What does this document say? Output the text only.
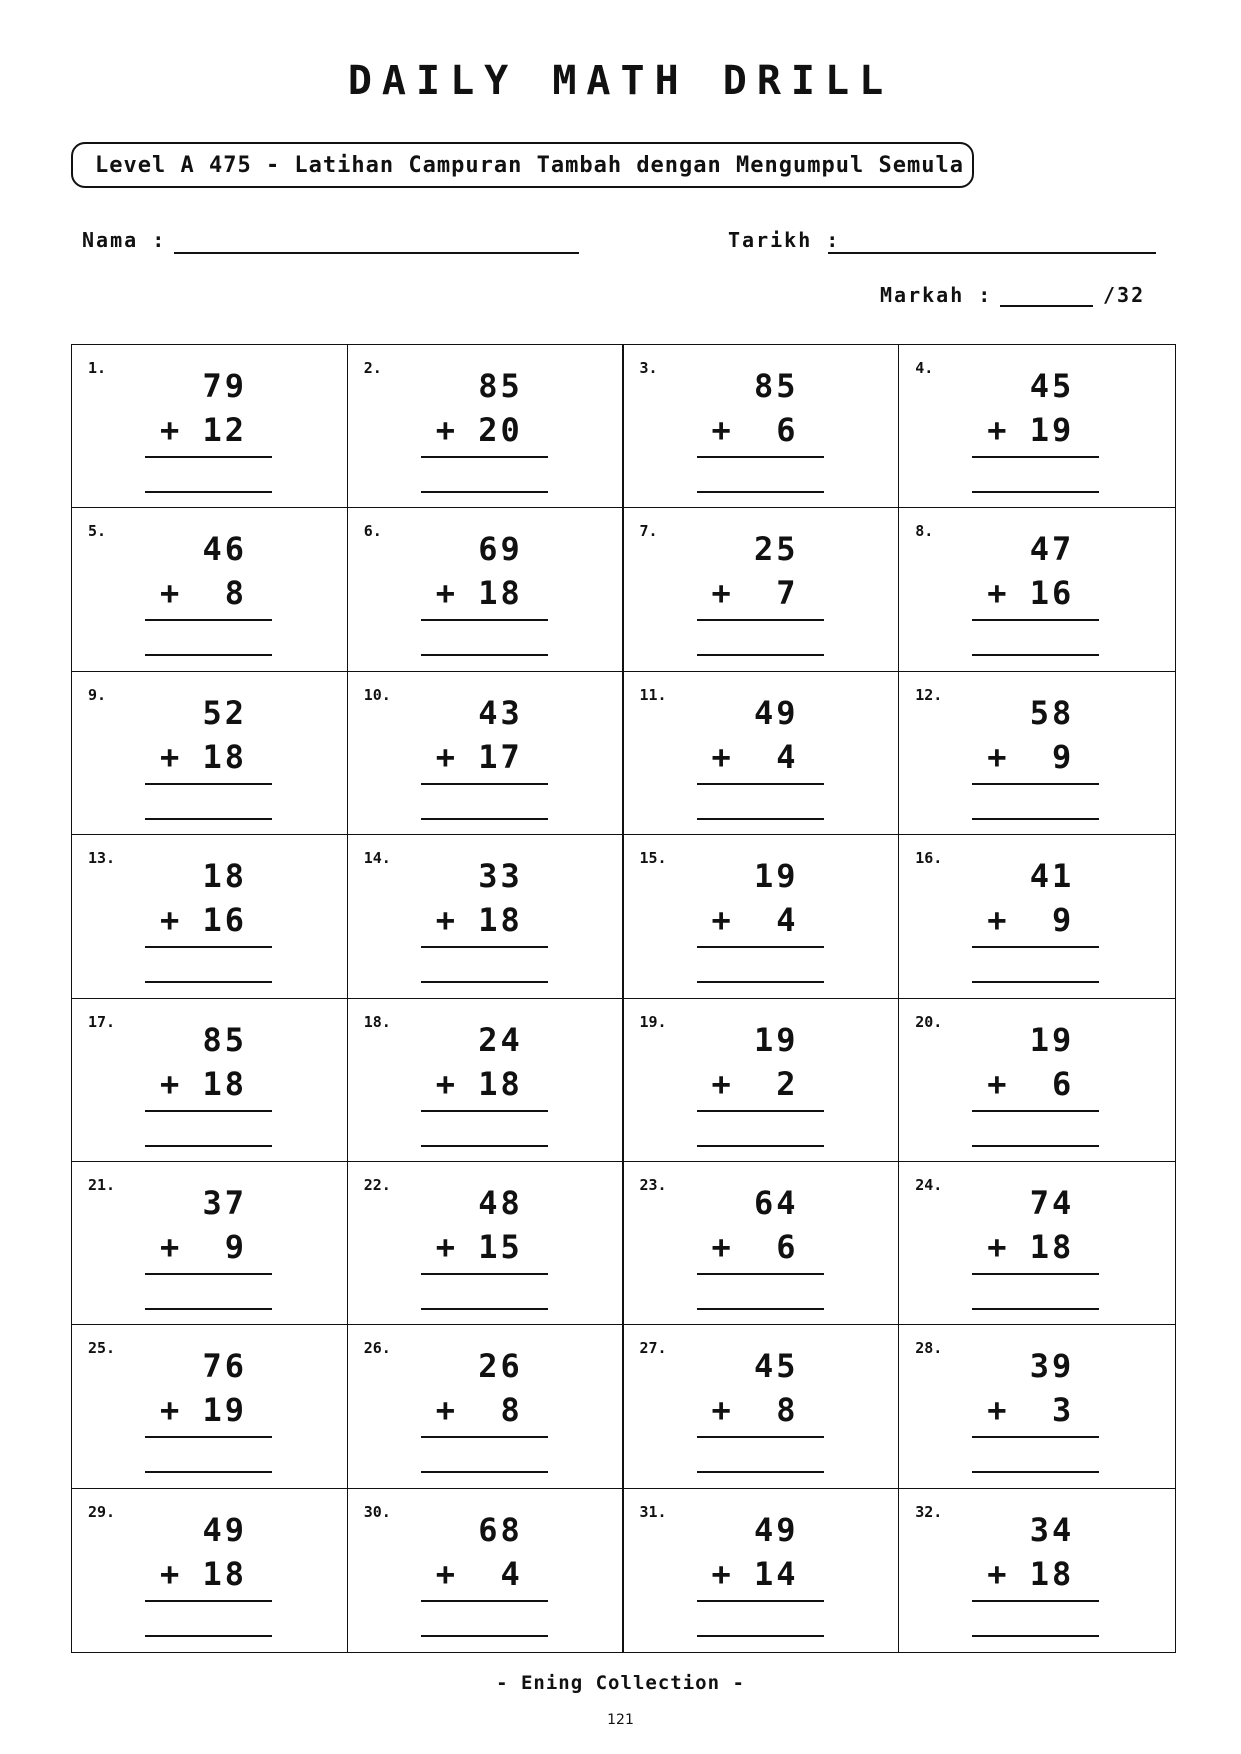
DAILY MATH DRILL
Level A 475 - Latihan Campuran Tambah dengan Mengumpul Semula
Nama :	Tarikh :
Markah :	/32
1.	79
+ 12
2.	85
+ 20
3.	85
+	6
4.	45
+ 19
5.	46
+	8
6.	69
+ 18
7.	25
+	7
8.	47
+ 16
9.	52
+ 18
10.	43
+ 17
11.	49
+	4
12.	58
+	9
13.	18
+ 16
14.	33
+ 18
15.	19
+	4
16.	41
+	9
17.	85
+ 18
18.	24
+ 18
19.	19
+	2
20.	19
+	6
21.	37
+	9
22.	48
+ 15
23.	64
+	6
24.	74
+ 18
25.	76
+ 19
26.	26
+	8
27.	45
+	8
28.	39
+	3
29.	49
+ 18
30.	68
+	4
31.	49
+ 14
32.	34
+ 18
- Ening Collection -
121
